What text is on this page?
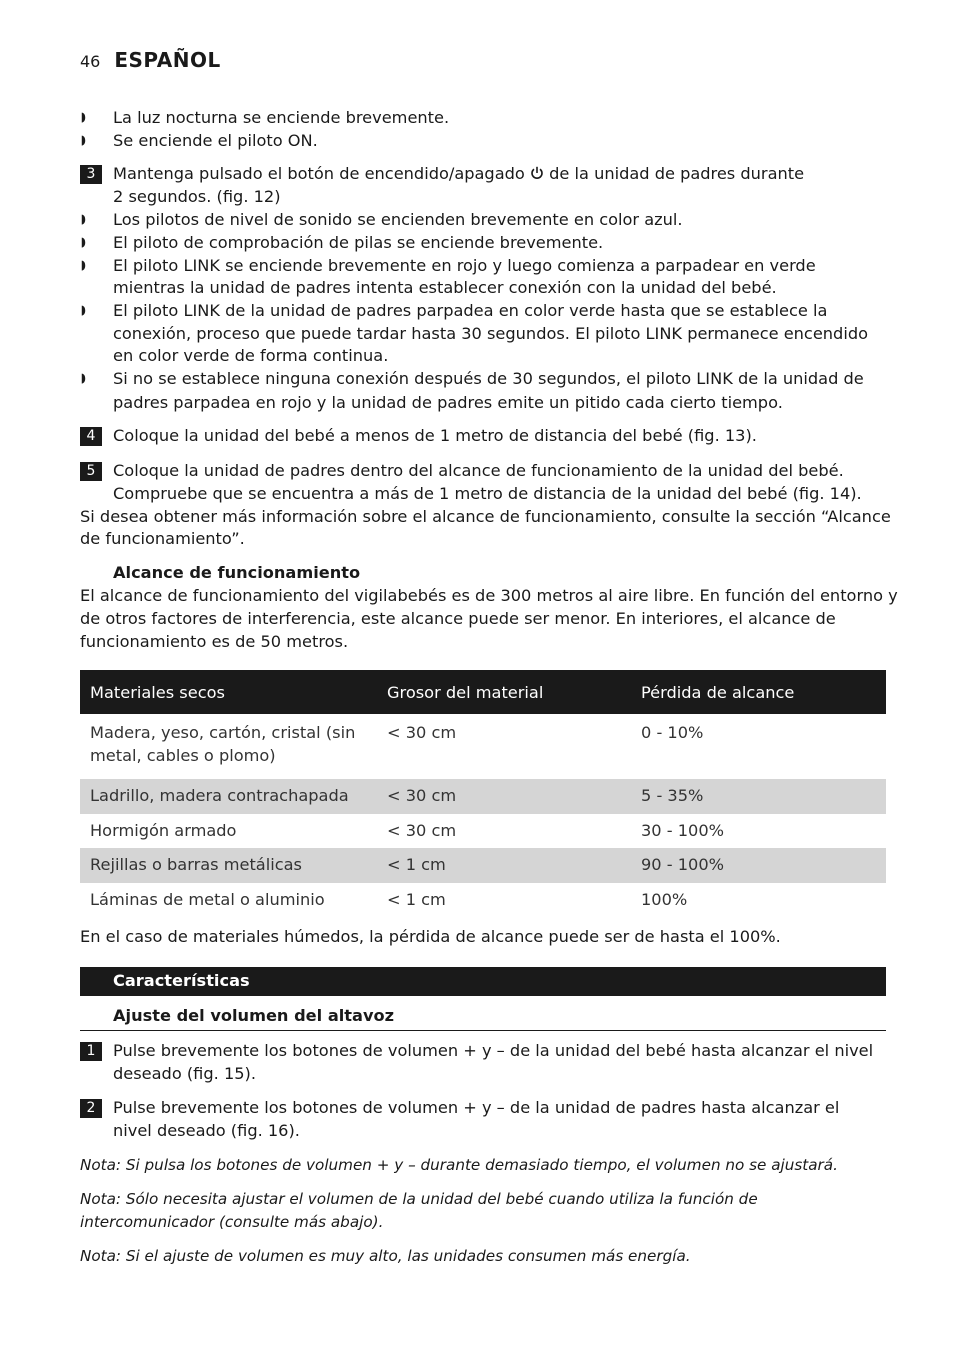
46 ESPAÑOL
◗
La luz nocturna se enciende brevemente.
◗
Se enciende el piloto ON.
3	Mantenga pulsado el botón de encendido/apagado de la unidad de padres durante
2 segundos. (fig. 12)
◗
Los pilotos de nivel de sonido se encienden brevemente en color azul.
◗
El piloto de comprobación de pilas se enciende brevemente.
◗
El piloto LINK se enciende brevemente en rojo y luego comienza a parpadear en verde
mientras la unidad de padres intenta establecer conexión con la unidad del bebé.
◗
El piloto LINK de la unidad de padres parpadea en color verde hasta que se establece la
conexión, proceso que puede tardar hasta 30 segundos. El piloto LINK permanece encendido
en color verde de forma continua.
◗
Si no se establece ninguna conexión después de 30 segundos, el piloto LINK de la unidad de
padres parpadea en rojo y la unidad de padres emite un pitido cada cierto tiempo.
4	Coloque la unidad del bebé a menos de 1 metro de distancia del bebé (fig. 13).
5	Coloque la unidad de padres dentro del alcance de funcionamiento de la unidad del bebé.
Compruebe que se encuentra a más de 1 metro de distancia de la unidad del bebé (fig. 14).
Si desea obtener más información sobre el alcance de funcionamiento, consulte la sección “Alcance
de funcionamiento”.
Alcance de funcionamiento
El alcance de funcionamiento del vigilabebés es de 300 metros al aire libre. En función del entorno y
de otros factores de interferencia, este alcance puede ser menor. En interiores, el alcance de
funcionamiento es de 50 metros.
Materiales secos	Grosor del material	Pérdida de alcance
Madera, yeso, cartón, cristal (sin metal, cables o plomo)	< 30 cm	0 - 10%
Ladrillo, madera contrachapada	< 30 cm	5 - 35%
Hormigón armado	< 30 cm	30 - 100%
Rejillas o barras metálicas	< 1 cm	90 - 100%
Láminas de metal o aluminio	< 1 cm	100%
En el caso de materiales húmedos, la pérdida de alcance puede ser de hasta el 100%.
Características
Ajuste del volumen del altavoz
1	Pulse brevemente los botones de volumen + y – de la unidad del bebé hasta alcanzar el nivel
deseado (fig. 15).
2	Pulse brevemente los botones de volumen + y – de la unidad de padres hasta alcanzar el
nivel deseado (fig. 16).
Nota: Si pulsa los botones de volumen + y – durante demasiado tiempo, el volumen no se ajustará.
Nota: Sólo necesita ajustar el volumen de la unidad del bebé cuando utiliza la función de
intercomunicador (consulte más abajo).
Nota: Si el ajuste de volumen es muy alto, las unidades consumen más energía.
